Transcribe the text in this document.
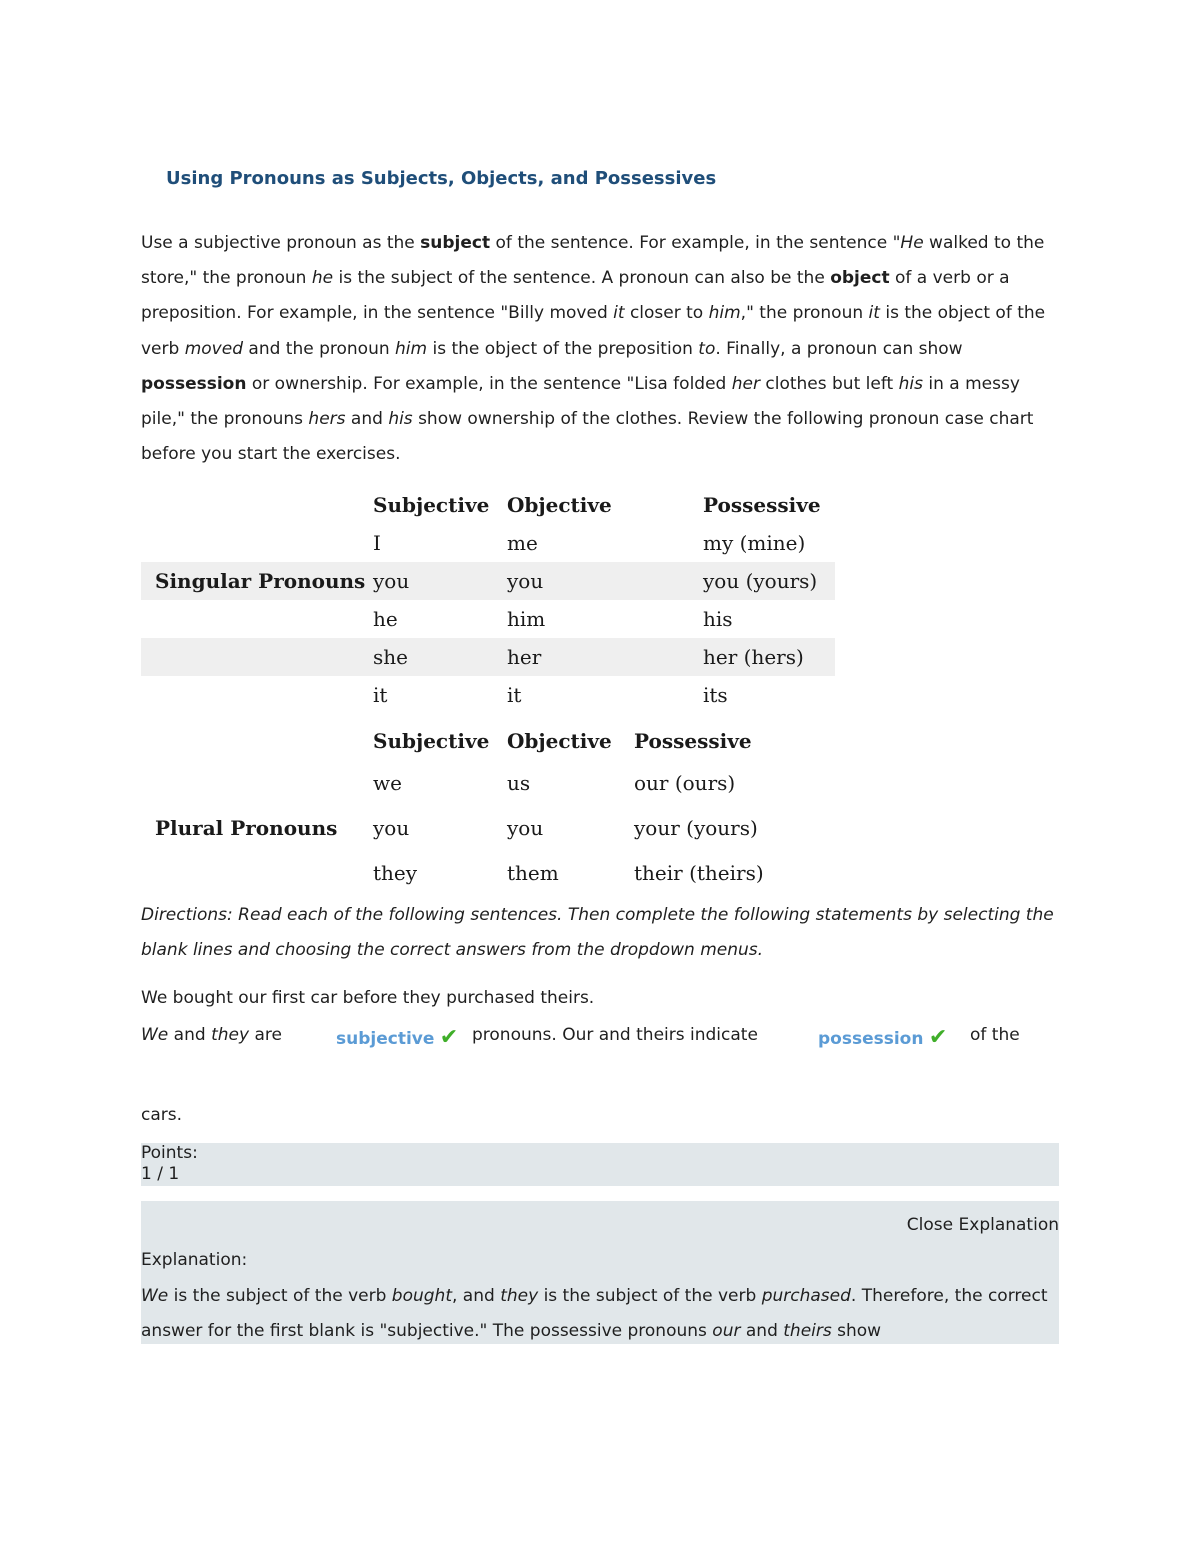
Using Pronouns as Subjects, Objects, and Possessives

Use a subjective pronoun as the subject of the sentence. For example, in the sentence "He walked to the store," the pronoun he is the subject of the sentence. A pronoun can also be the object of a verb or a preposition. For example, in the sentence "Billy moved it closer to him," the pronoun it is the object of the verb moved and the pronoun him is the object of the preposition to. Finally, a pronoun can show possession or ownership. For example, in the sentence "Lisa folded her clothes but left his in a messy pile," the pronouns hers and his show ownership of the clothes. Review the following pronoun case chart before you start the exercises.

	Subjective	Objective	Possessive
	I	me	my (mine)
Singular Pronouns	you	you	you (yours)
	he	him	his
	she	her	her (hers)
	it	it	its
	Subjective	Objective	Possessive
	we	us	our (ours)
Plural Pronouns	you	you	your (yours)
	they	them	their (theirs)

Directions: Read each of the following sentences. Then complete the following statements by selecting the blank lines and choosing the correct answers from the dropdown menus.

We bought our first car before they purchased theirs.

We and they are	subjective ✔ pronouns. Our and theirs indicate	possession ✔ of the
cars.
Points:
1 / 1
Close Explanation
Explanation:

We is the subject of the verb bought, and they is the subject of the verb purchased. Therefore, the correct answer for the first blank is "subjective." The possessive pronouns our and theirs show
